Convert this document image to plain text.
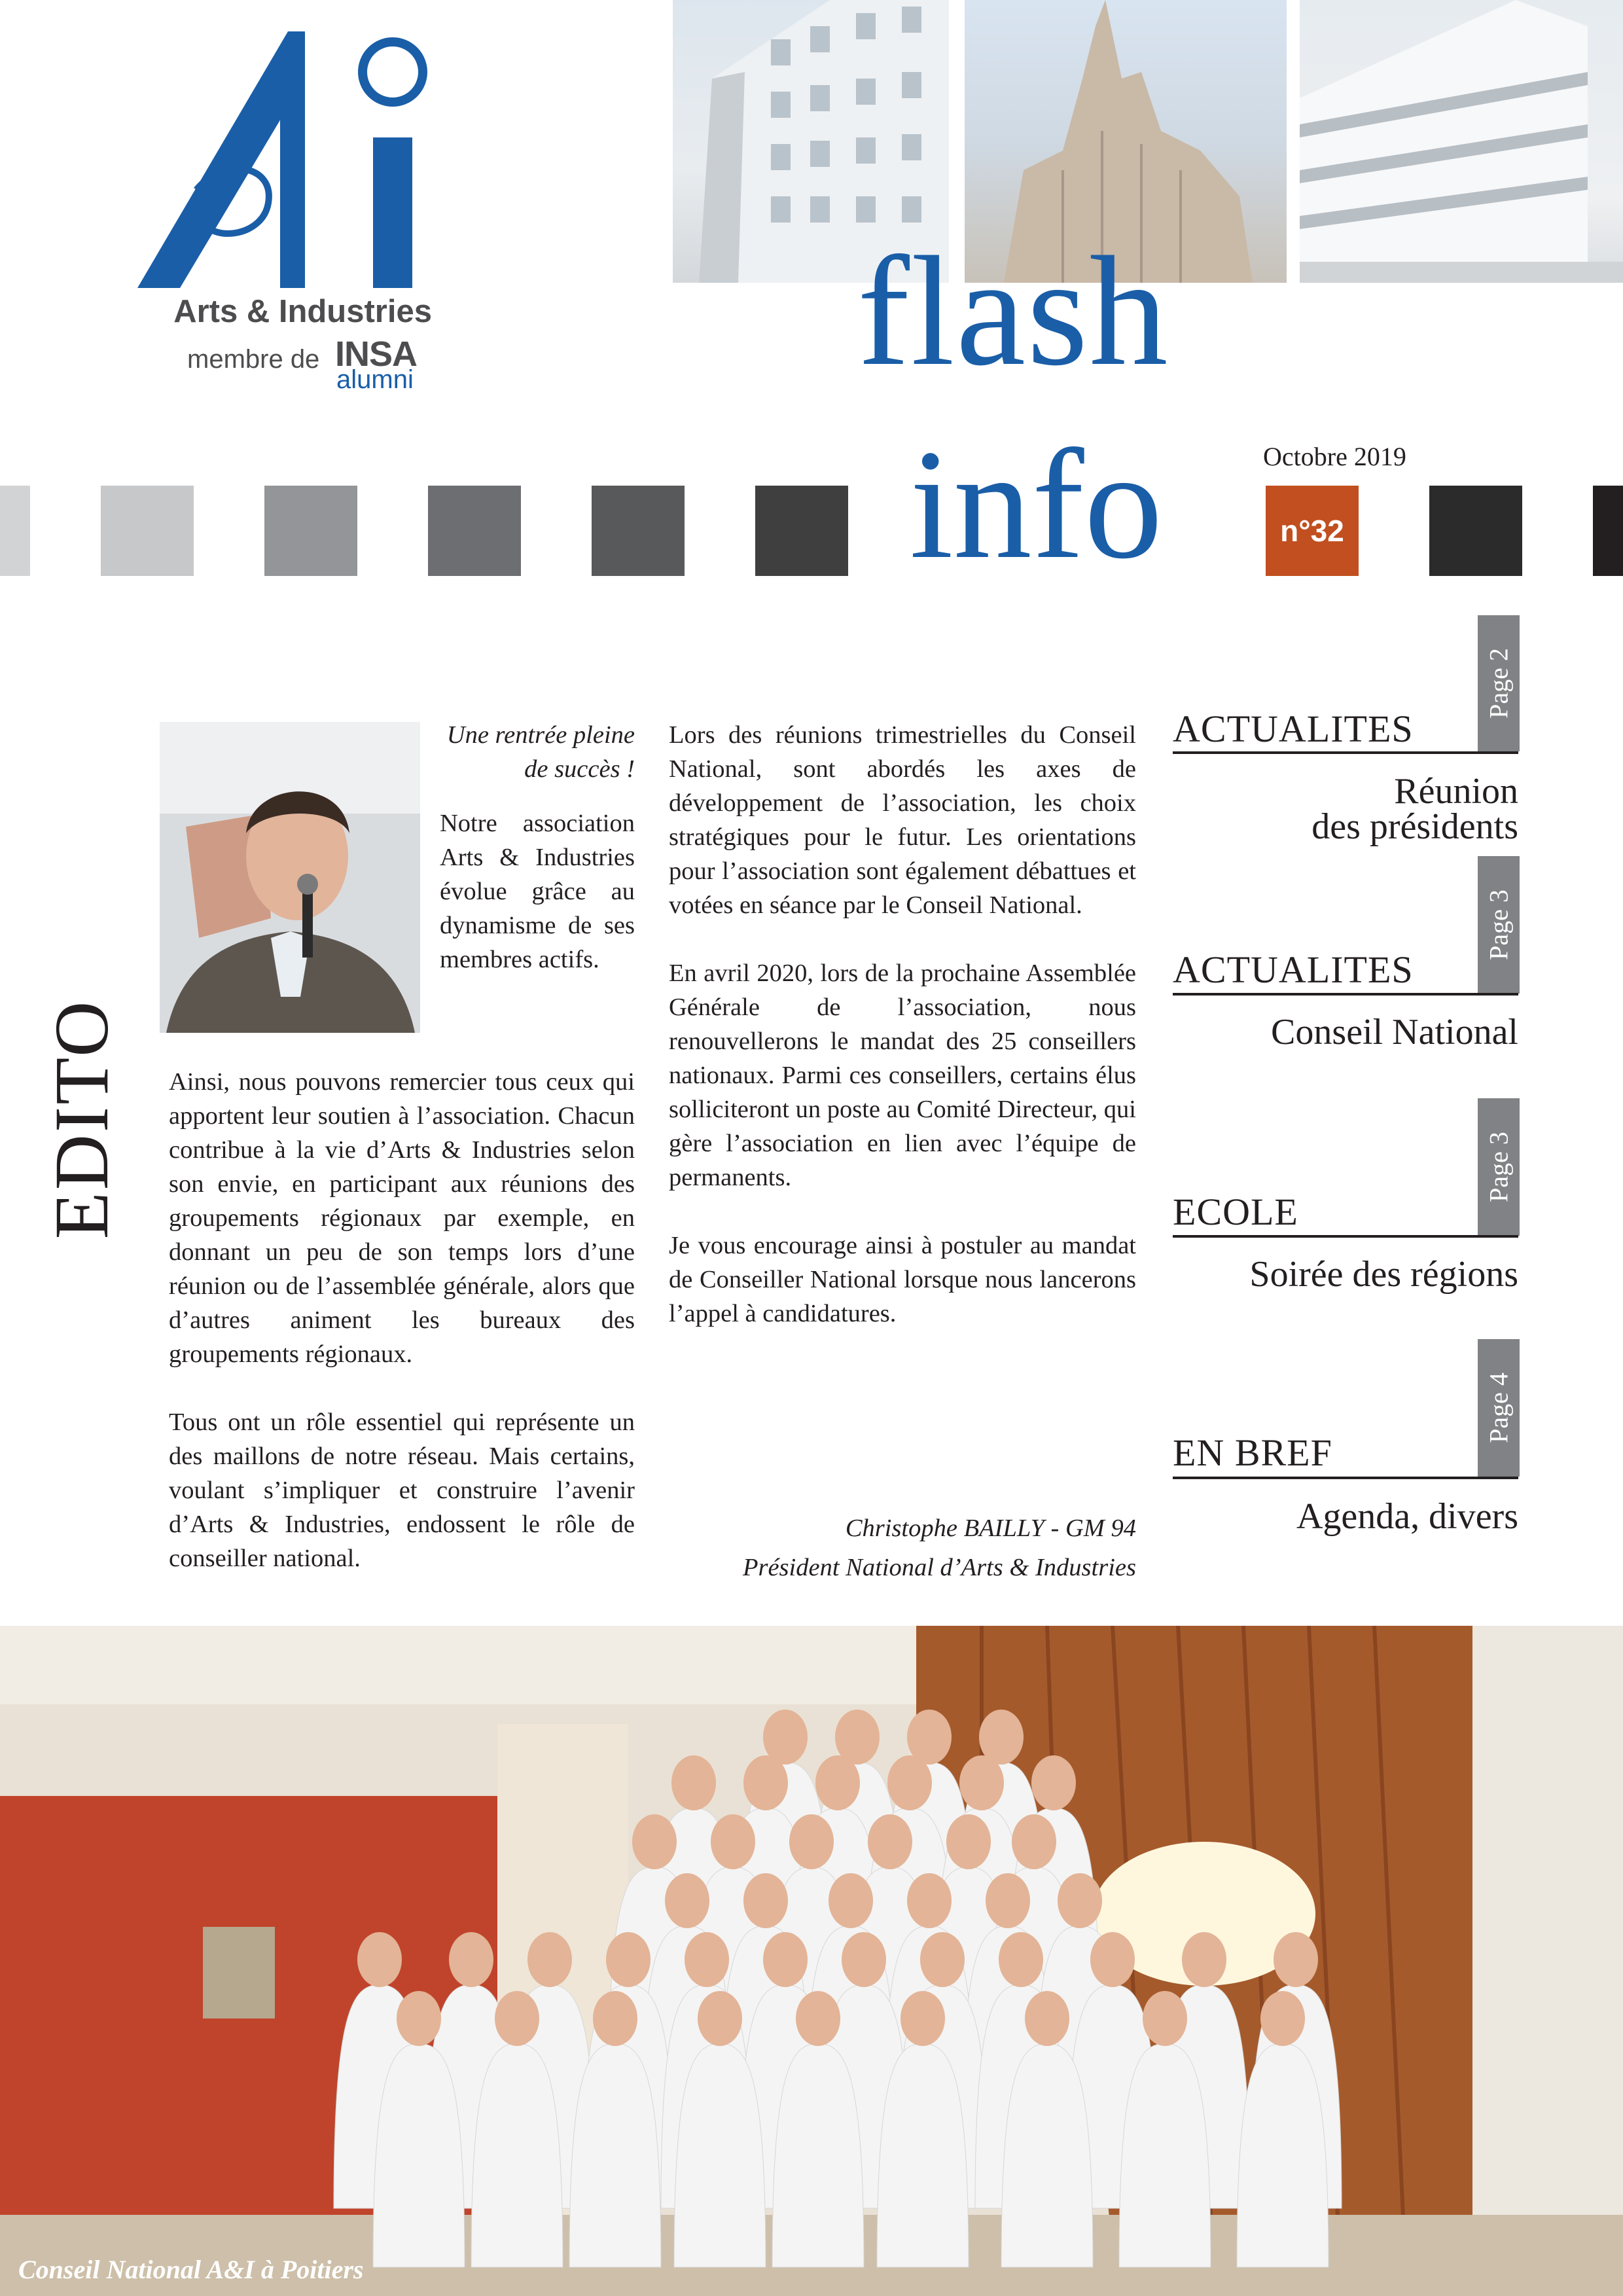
Arts & Industries
membre de INSA
alumni	flash
info	Octobre 2019
n°32
EDITO
Une rentrée pleine de succès !
Notre association Arts & Industries évolue grâce au dynamisme de ses membres actifs.

Ainsi, nous pouvons remercier tous ceux qui apportent leur soutien à l’association. Chacun contribue à la vie d’Arts & Industries selon son envie, en participant aux réunions des groupements régionaux par exemple, en donnant un peu de son temps lors d’une réunion ou de l’assemblée générale, alors que d’autres animent les bureaux des groupements régionaux.

Tous ont un rôle essentiel qui représente un des maillons de notre réseau. Mais certains, voulant s’impliquer et construire l’avenir d’Arts & Industries, endossent le rôle de conseiller national.

Lors des réunions trimestrielles du Conseil National, sont abordés les axes de développement de l’association, les choix stratégiques pour le futur. Les orientations pour l’association sont également débattues et votées en séance par le Conseil National.

En avril 2020, lors de la prochaine Assemblée Générale de l’association, nous renouvellerons le mandat des 25 conseillers nationaux. Parmi ces conseillers, certains élus solliciteront un poste au Comité Directeur, qui gère l’association en lien avec l’équipe de permanents.

Je vous encourage ainsi à postuler au mandat de Conseiller National lorsque nous lancerons l’appel à candidatures.

Christophe BAILLY - GM 94
Président National d’Arts & Industries
Page 2
ACTUALITES
Réunion
des présidents
Page 3
ACTUALITES
Conseil National
Page 3
ECOLE
Soirée des régions
Page 4
EN BREF
Agenda, divers
Conseil National A&I à Poitiers
